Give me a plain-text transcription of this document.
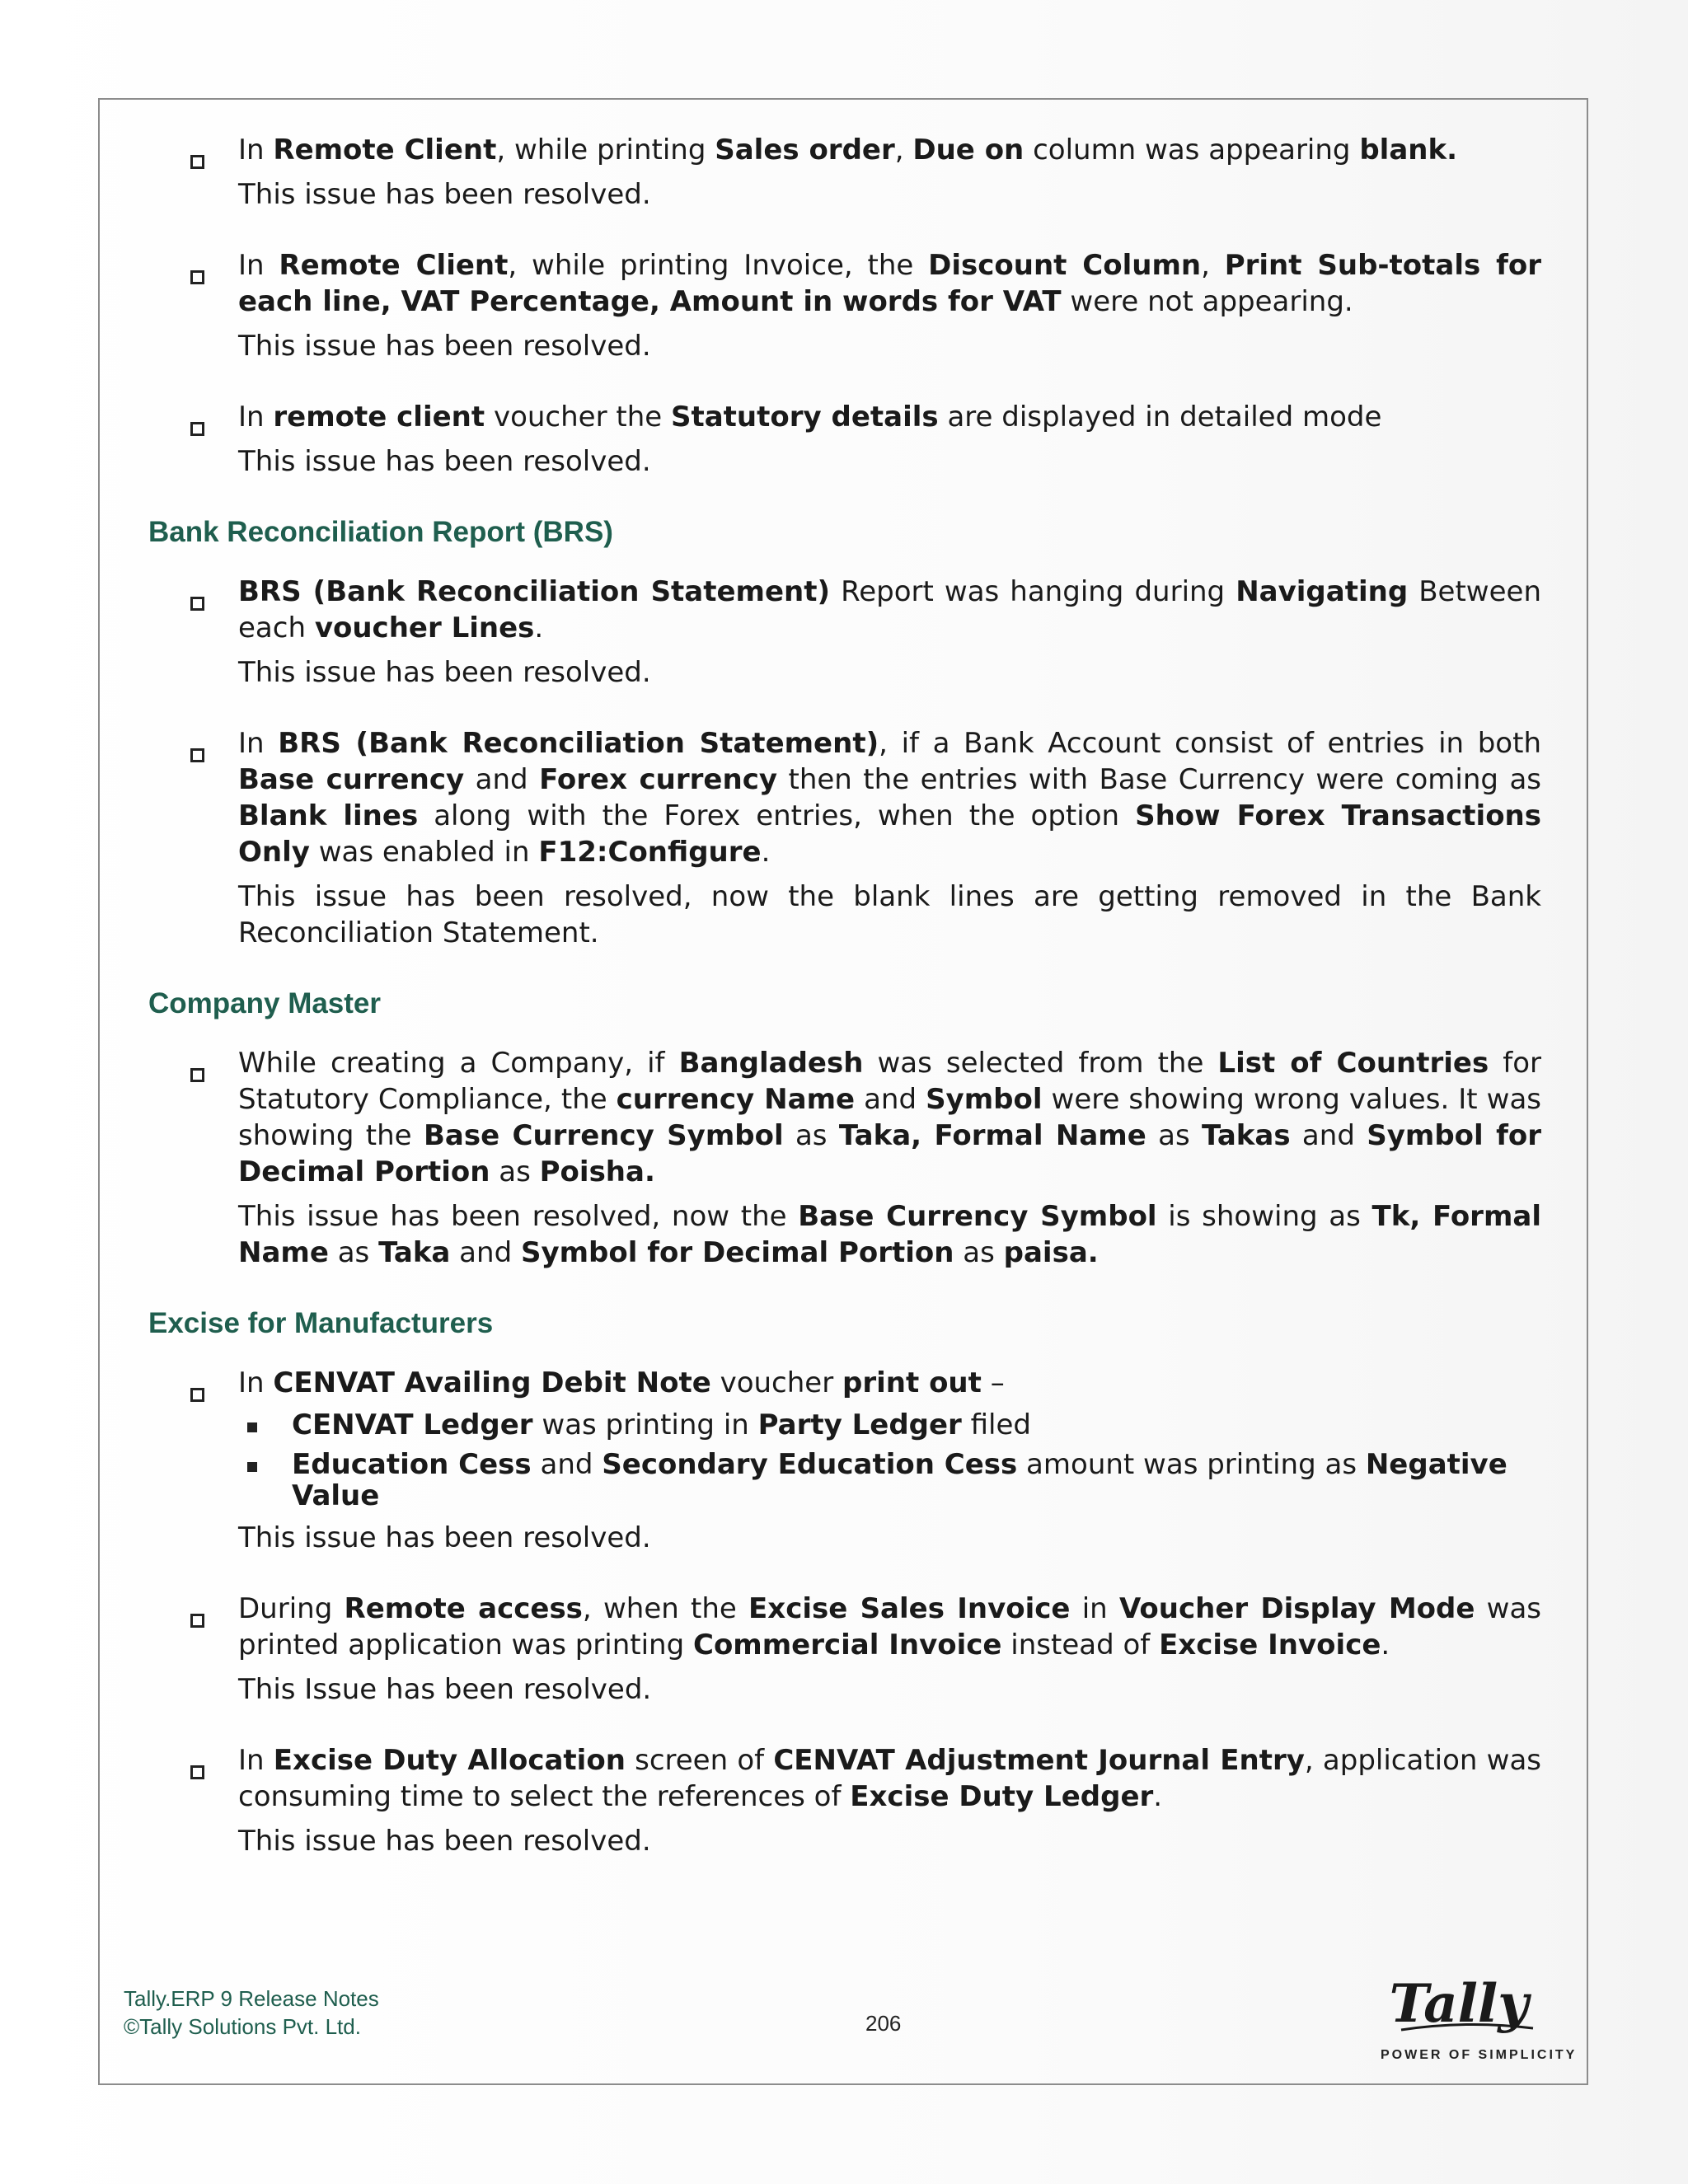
In Remote Client, while printing Sales order, Due on column was appearing blank.

This issue has been resolved.

In Remote Client, while printing Invoice, the Discount Column, Print Sub-totals for each line, VAT Percentage, Amount in words for VAT were not appearing.

This issue has been resolved.

In remote client voucher the Statutory details are displayed in detailed mode

This issue has been resolved.

Bank Reconciliation Report (BRS)

BRS (Bank Reconciliation Statement) Report was hanging during Navigating Between each voucher Lines.

This issue has been resolved.

In BRS (Bank Reconciliation Statement), if a Bank Account consist of entries in both Base currency and Forex currency then the entries with Base Currency were coming as Blank lines along with the Forex entries, when the option Show Forex Transactions Only was enabled in F12:Configure.

This issue has been resolved, now the blank lines are getting removed in the Bank Reconciliation Statement.

Company Master

While creating a Company, if Bangladesh was selected from the List of Countries for Statutory Compliance, the currency Name and Symbol were showing wrong values. It was showing the Base Currency Symbol as Taka, Formal Name as Takas and Symbol for Decimal Portion as Poisha.

This issue has been resolved, now the Base Currency Symbol is showing as Tk, Formal Name as Taka and Symbol for Decimal Portion as paisa.

Excise for Manufacturers

In CENVAT Availing Debit Note voucher print out –

CENVAT Ledger was printing in Party Ledger filed

Education Cess and Secondary Education Cess amount was printing as Negative Value

This issue has been resolved.

During Remote access, when the Excise Sales Invoice in Voucher Display Mode was printed application was printing Commercial Invoice instead of Excise Invoice.

This Issue has been resolved.

In Excise Duty Allocation screen of CENVAT Adjustment Journal Entry, application was consuming time to select the references of Excise Duty Ledger.

This issue has been resolved.

Tally.ERP 9 Release Notes
©Tally Solutions Pvt. Ltd.	206	Tally
POWER OF SIMPLICITY
